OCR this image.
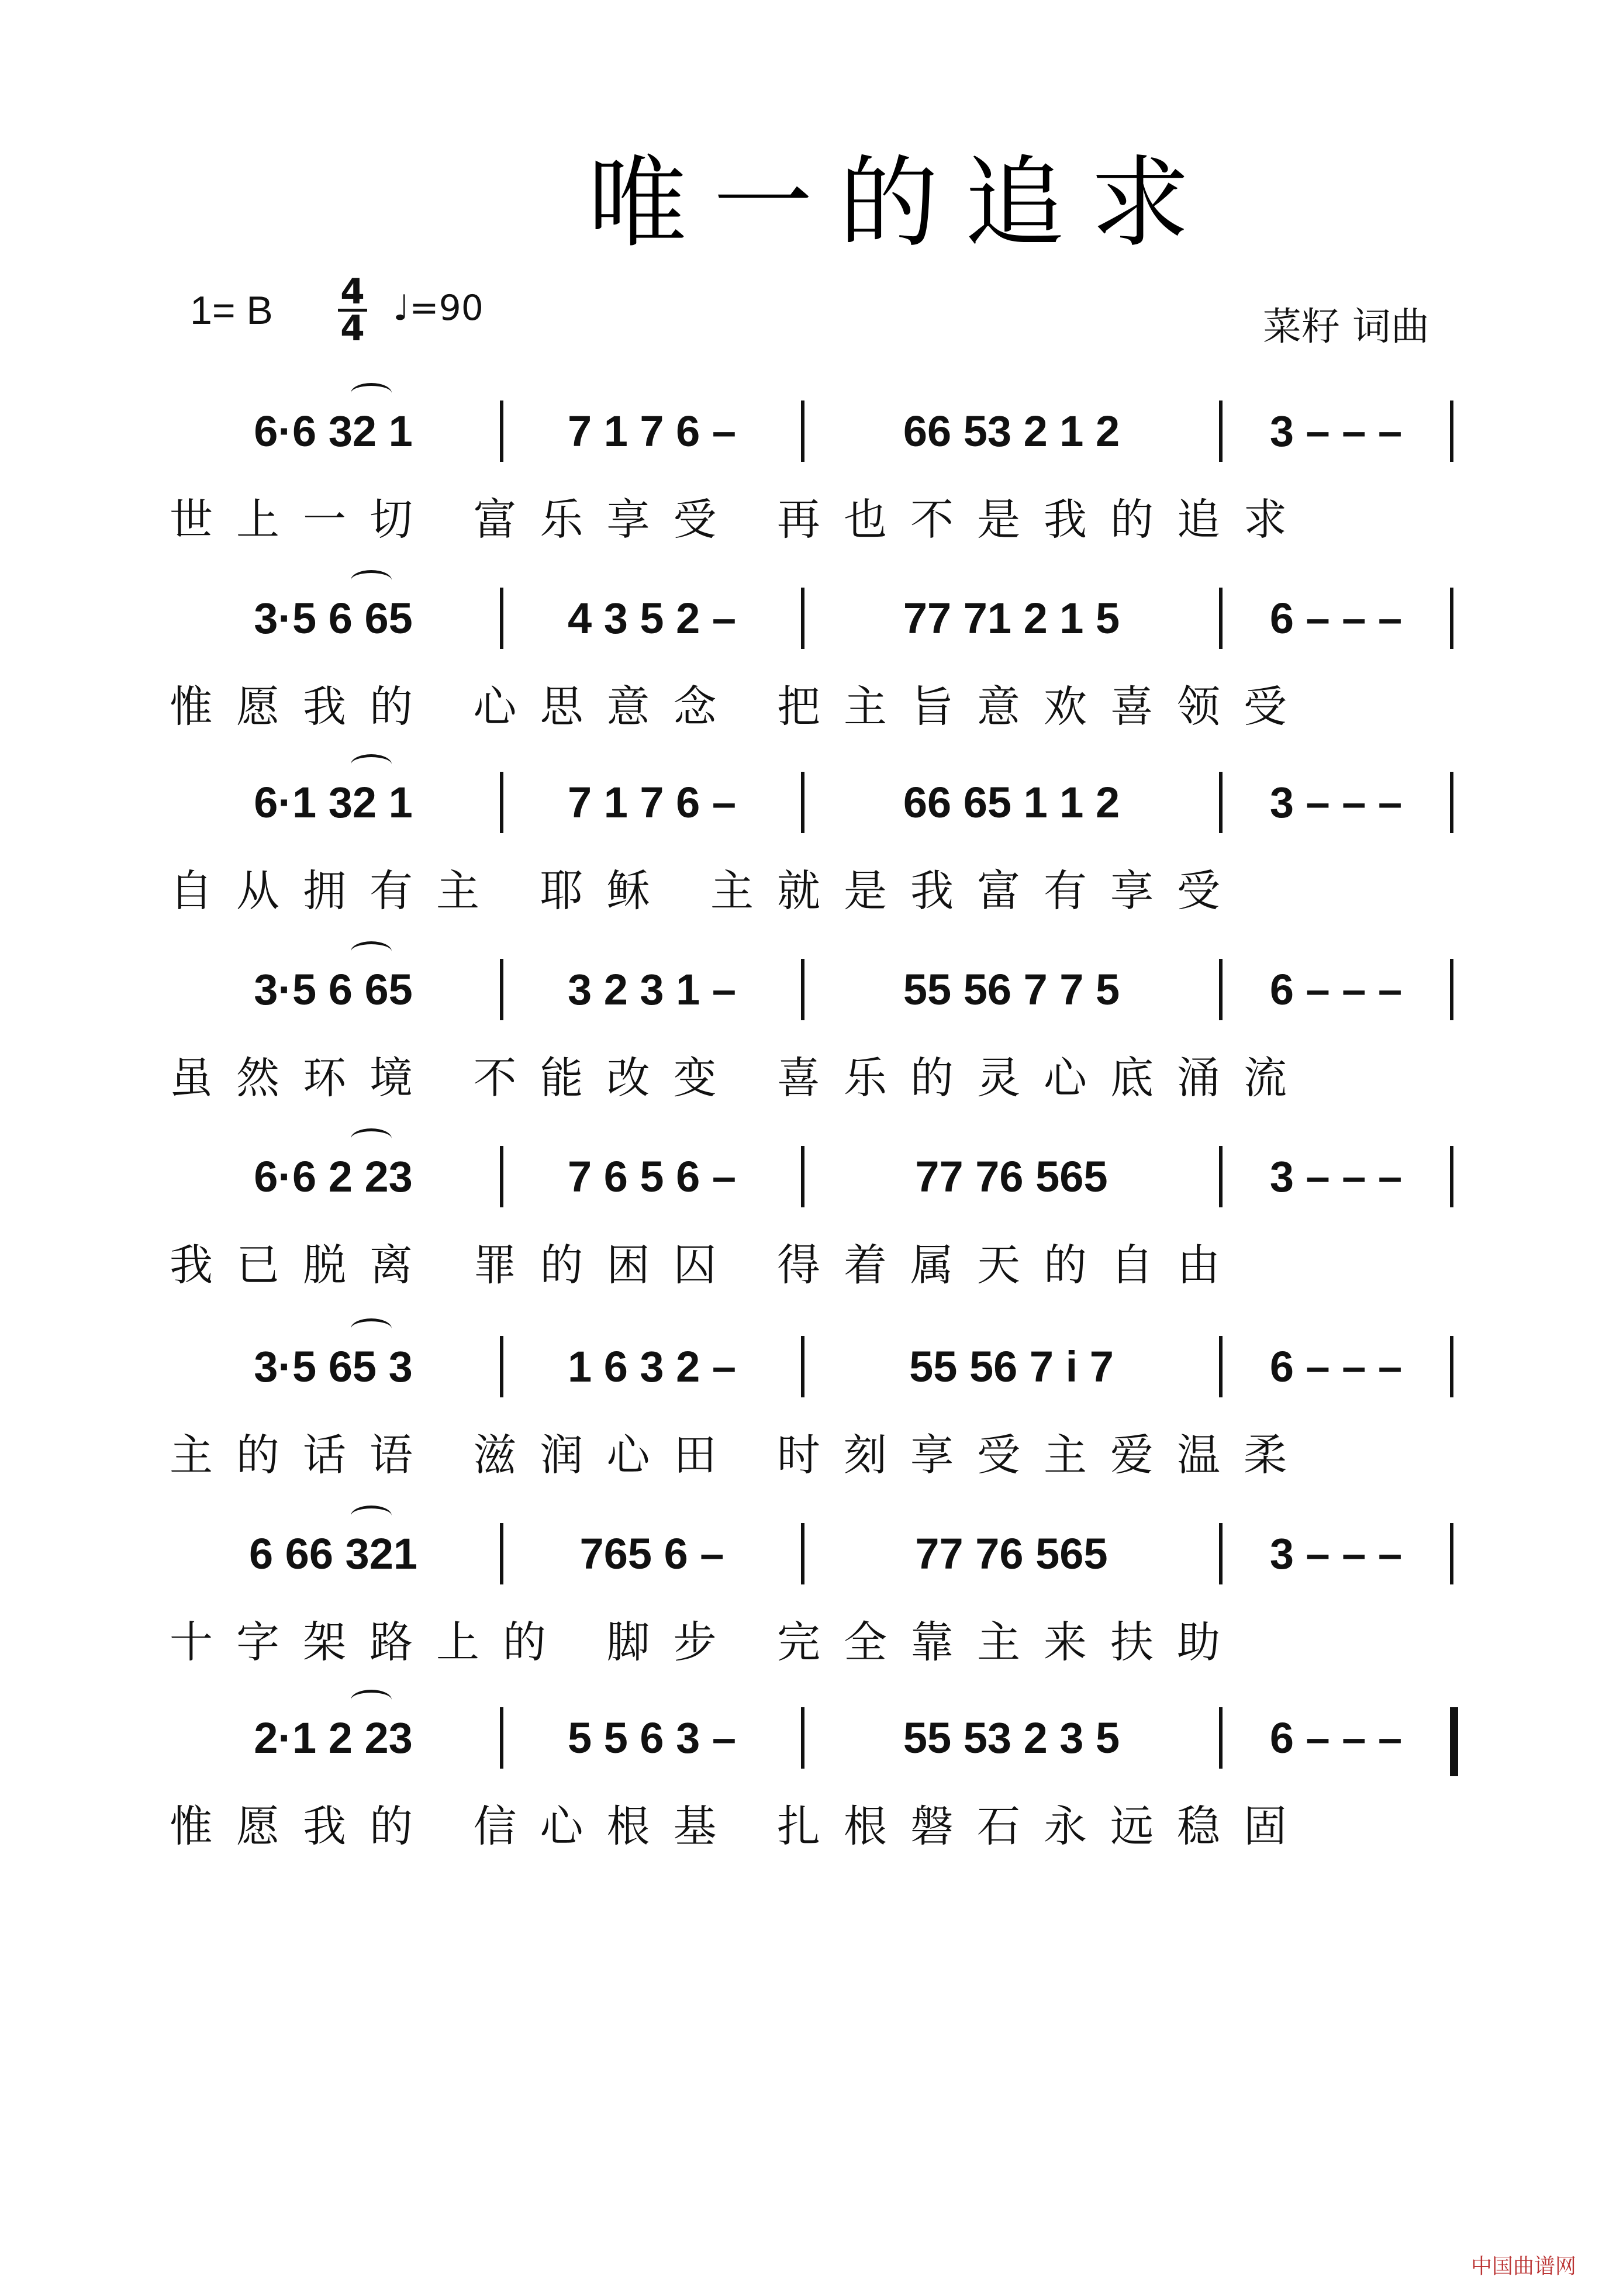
唯一的追求
1= B 4
4 ♩=90	菜籽 词曲
6·6 32 1	7 1 7 6 –	66 53 2 1 2	3 – – –
世上一切 富乐享受 再也不是我的追求
3·5 6 65	4 3 5 2 –	77 71 2 1 5	6 – – –
惟愿我的 心思意念 把主旨意欢喜领受
6·1 32 1	7 1 7 6 –	66 65 1 1 2	3 – – –
自从拥有主 耶稣 主就是我富有享受
3·5 6 65	3 2 3 1 –	55 56 7 7 5	6 – – –
虽然环境 不能改变 喜乐的灵心底涌流
6·6 2 23	7 6 5 6 –	77 76 565	3 – – –
我已脱离 罪的困囚 得着属天的自由
3·5 65 3	1 6 3 2 –	55 56 7 i 7	6 – – –
主的话语 滋润心田 时刻享受主爱温柔
6 66 321	765 6 –	77 76 565	3 – – –
十字架路上的 脚步 完全靠主来扶助
2·1 2 23	5 5 6 3 –	55 53 2 3 5	6 – – –
惟愿我的 信心根基 扎根磐石永远稳固
中国曲谱网
